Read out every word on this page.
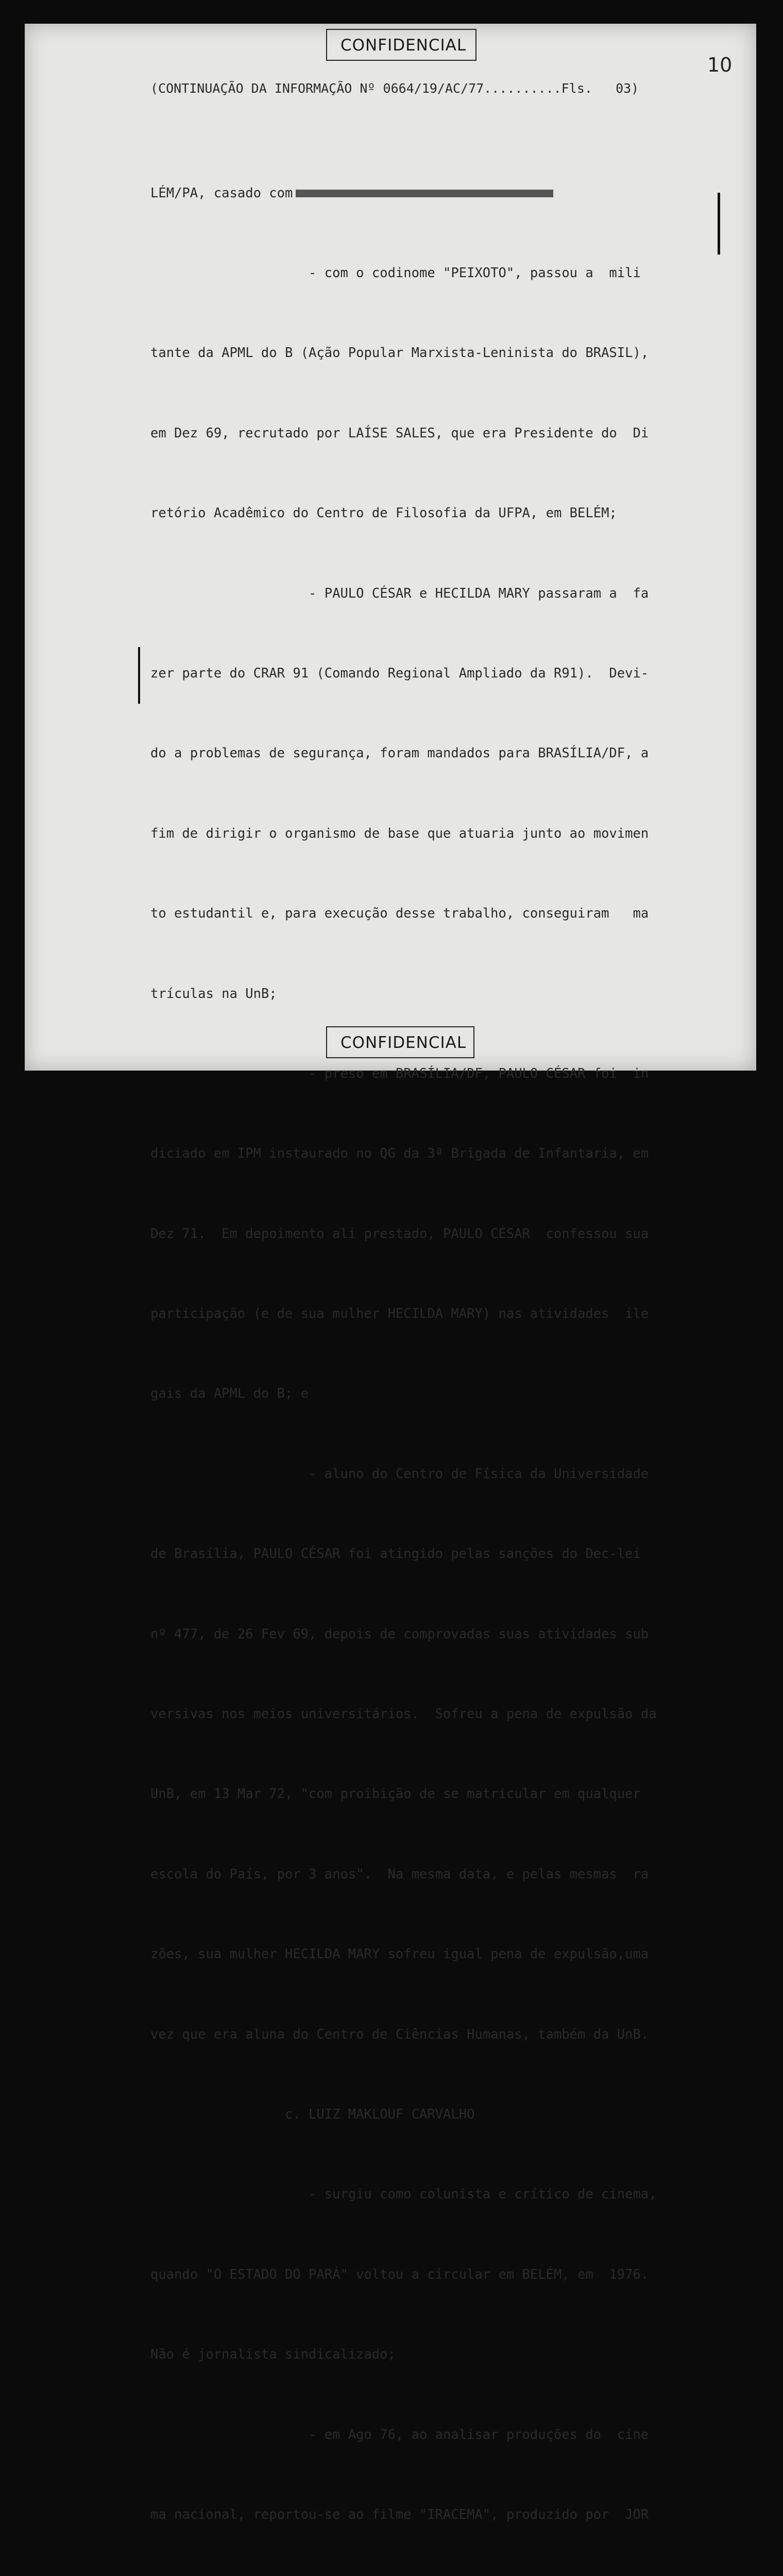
CONFIDENCIAL
10
(CONTINUAÇÃO DA INFORMAÇÃO Nº 0664/19/AC/77..........Fls.   03)

LÉM/PA, casado com

- com o codinome "PEIXOTO", passou a  mili

tante da APML do B (Ação Popular Marxista-Leninista do BRASIL),

em Dez 69, recrutado por LAÍSE SALES, que era Presidente do  Di

retório Acadêmico do Centro de Filosofia da UFPA, em BELÉM;

- PAULO CÉSAR e HECILDA MARY passaram a  fa

zer parte do CRAR 91 (Comando Regional Ampliado da R91).  Devi-

do a problemas de segurança, foram mandados para BRASÍLIA/DF, a

fim de dirigir o organismo de base que atuaria junto ao movimen

to estudantil e, para execução desse trabalho, conseguiram   ma

trículas na UnB;

- preso em BRASÍLIA/DF, PAULO CÉSAR foi  in

diciado em IPM instaurado no QG da 3ª Brigada de Infantaria, em

Dez 71.  Em depoimento ali prestado, PAULO CÉSAR  confessou sua

participação (e de sua mulher HECILDA MARY) nas atividades  ile

gais da APML do B; e

- aluno do Centro de Física da Universidade

de Brasília, PAULO CÉSAR foi atingido pelas sanções do Dec-lei

nº 477, de 26 Fev 69, depois de comprovadas suas atividades sub

versivas nos meios universitários.  Sofreu a pena de expulsão da

UnB, em 13 Mar 72, "com proibição de se matricular em qualquer

escola do País, por 3 anos".  Na mesma data, e pelas mesmas  ra

zões, sua mulher HECILDA MARY sofreu igual pena de expulsão,uma

vez que era aluna do Centro de Ciências Humanas, também da UnB.

c. LUIZ MAKLOUF CARVALHO

- surgiu como colunista e crítico de cinema,

quando "O ESTADO DO PARÁ" voltou a circular em BELÉM, em  1976.

Não é jornalista sindicalizado;

- em Ago 76, ao analisar produções do  cine

ma nacional, reportou-se ao filme "IRACEMA", produzido por  JOR

CONFIDENCIAL
